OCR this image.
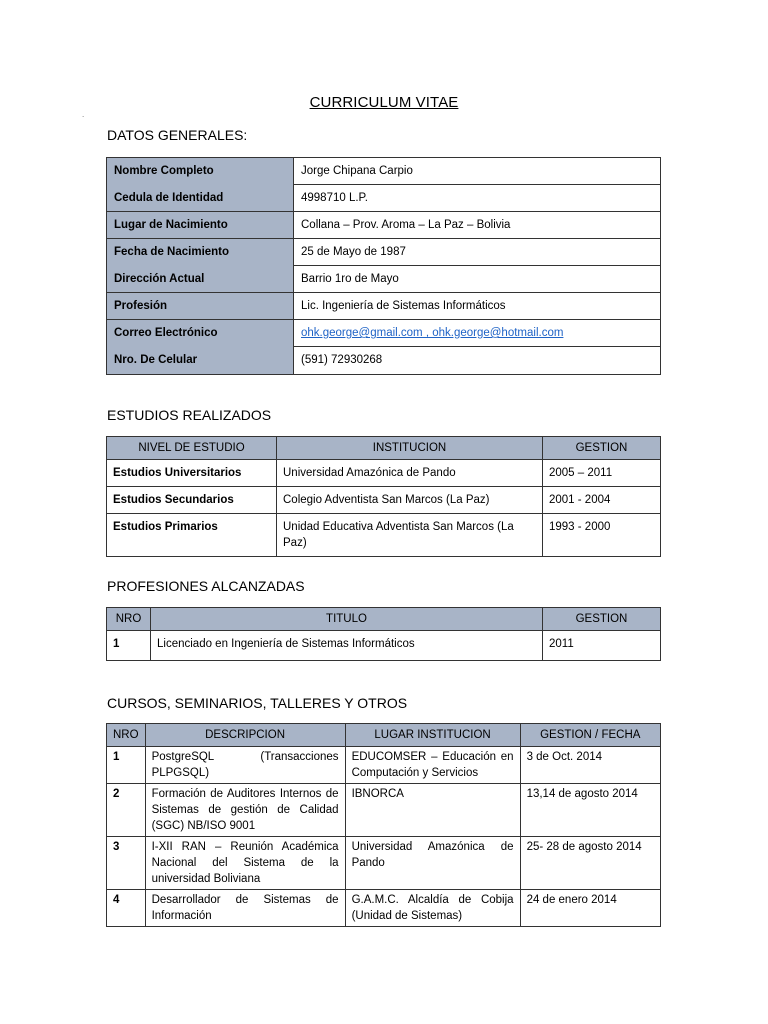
.
CURRICULUM VITAE
DATOS GENERALES:
Nombre Completo	Jorge Chipana Carpio
Cedula de Identidad	4998710 L.P.
Lugar de Nacimiento	Collana – Prov. Aroma – La Paz – Bolivia
Fecha de Nacimiento	25 de Mayo de 1987
Dirección Actual	Barrio 1ro de Mayo
Profesión	Lic. Ingeniería de Sistemas Informáticos
Correo Electrónico	ohk.george@gmail.com , ohk.george@hotmail.com
Nro. De Celular	(591) 72930268
ESTUDIOS REALIZADOS
NIVEL DE ESTUDIO	INSTITUCION	GESTION
Estudios Universitarios	Universidad Amazónica de Pando	2005 – 2011
Estudios Secundarios	Colegio Adventista San Marcos (La Paz)	2001 - 2004
Estudios Primarios	Unidad Educativa Adventista San Marcos (La Paz)	1993 - 2000
PROFESIONES ALCANZADAS
NRO	TITULO	GESTION
1	Licenciado en Ingeniería de Sistemas Informáticos	2011
CURSOS, SEMINARIOS, TALLERES Y OTROS
NRO	DESCRIPCION	LUGAR INSTITUCION	GESTION / FECHA
1	PostgreSQL (Transacciones PLPGSQL)	EDUCOMSER – Educación en Computación y Servicios	3 de Oct. 2014
2	Formación de Auditores Internos de Sistemas de gestión de Calidad (SGC) NB/ISO 9001	IBNORCA	13,14 de agosto 2014
3	I-XII RAN – Reunión Académica Nacional del Sistema de la universidad Boliviana	Universidad Amazónica de Pando	25- 28 de agosto 2014
4	Desarrollador de Sistemas de Información	G.A.M.C. Alcaldía de Cobija (Unidad de Sistemas)	24 de enero 2014
